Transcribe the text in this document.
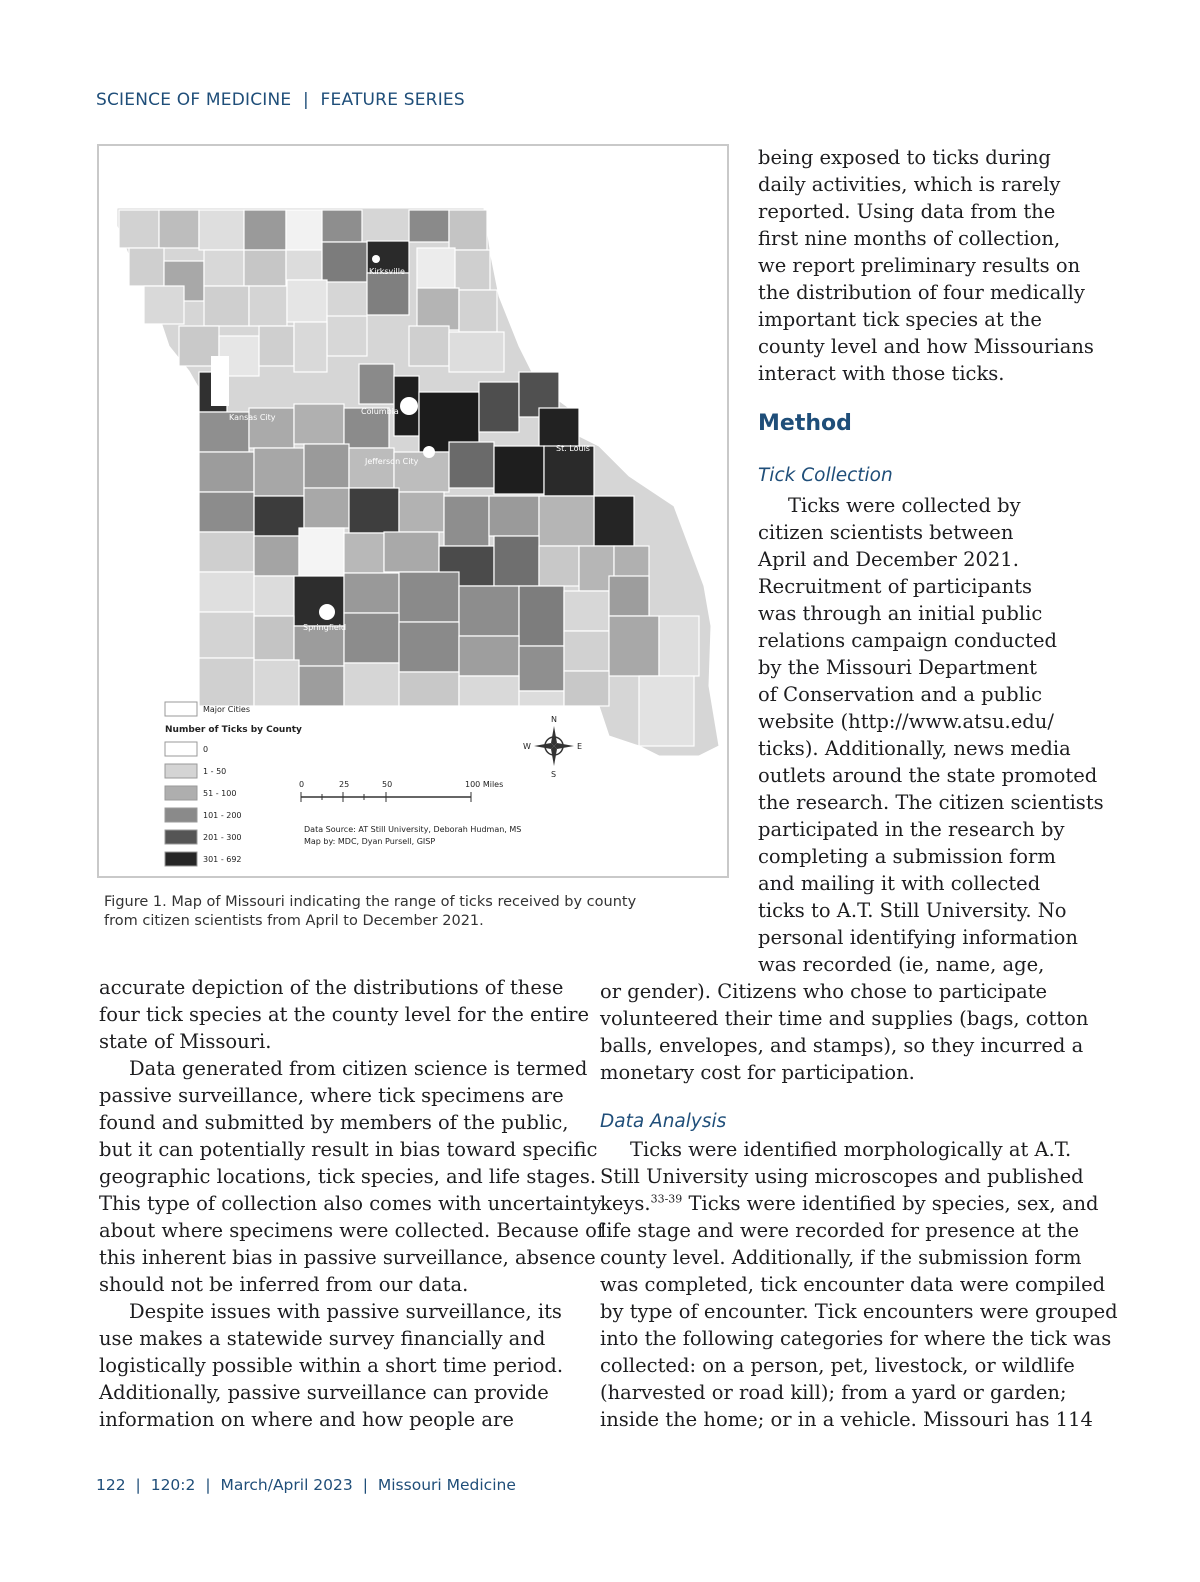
SCIENCE OF MEDICINE | FEATURE SERIES
Kirksville
Kansas City
Columbia
Jefferson City
St. Louis
Springfield
Major Cities
Number of Ticks by County
0
1 - 50
51 - 100
101 - 200
201 - 300
301 - 692
N
S
E
W
0	25	50	100 Miles
Data Source: AT Still University, Deborah Hudman, MS
Map by: MDC, Dyan Pursell, GISP
Figure 1. Map of Missouri indicating the range of ticks received by county
from citizen scientists from April to December 2021.
being exposed to ticks during
daily activities, which is rarely
reported. Using data from the
first nine months of collection,
we report preliminary results on
the distribution of four medically
important tick species at the
county level and how Missourians
interact with those ticks.
Method
Tick Collection
Ticks were collected by
citizen scientists between
April and December 2021.
Recruitment of participants
was through an initial public
relations campaign conducted
by the Missouri Department
of Conservation and a public
website (http://www.atsu.edu/
ticks). Additionally, news media
outlets around the state promoted
the research. The citizen scientists
participated in the research by
completing a submission form
and mailing it with collected
ticks to A.T. Still University. No
personal identifying information
was recorded (ie, name, age,
or gender). Citizens who chose to participate
volunteered their time and supplies (bags, cotton
balls, envelopes, and stamps), so they incurred a
monetary cost for participation.
Data Analysis
Ticks were identified morphologically at A.T.
Still University using microscopes and published
keys.$^{33-39}$ Ticks were identified by species, sex, and
life stage and were recorded for presence at the
county level. Additionally, if the submission form
was completed, tick encounter data were compiled
by type of encounter. Tick encounters were grouped
into the following categories for where the tick was
collected: on a person, pet, livestock, or wildlife
(harvested or road kill); from a yard or garden;
inside the home; or in a vehicle. Missouri has 114
accurate depiction of the distributions of these
four tick species at the county level for the entire
state of Missouri.
Data generated from citizen science is termed
passive surveillance, where tick specimens are
found and submitted by members of the public,
but it can potentially result in bias toward specific
geographic locations, tick species, and life stages.
This type of collection also comes with uncertainty
about where specimens were collected. Because of
this inherent bias in passive surveillance, absence
should not be inferred from our data.
Despite issues with passive surveillance, its
use makes a statewide survey financially and
logistically possible within a short time period.
Additionally, passive surveillance can provide
information on where and how people are
122 | 120:2 | March/April 2023 | Missouri Medicine
